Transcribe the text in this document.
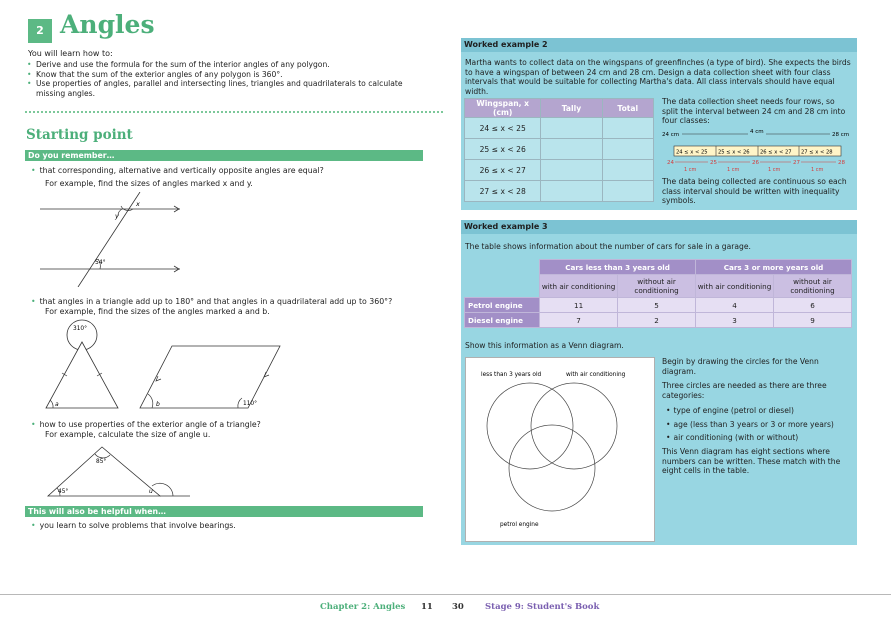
2 Angles
You will learn how to:
• Derive and use the formula for the sum of the interior angles of any polygon.
• Know that the sum of the exterior angles of any polygon is 360°.
• Use properties of angles, parallel and intersecting lines, triangles and quadrilaterals to calculate missing angles.
Starting point
Do you remember…
• that corresponding, alternative and vertically opposite angles are equal?
For example, find the sizes of angles marked x and y.
x
y
54°
• that angles in a triangle add up to 180° and that angles in a quadrilateral add up to 360°?
For example, find the sizes of the angles marked a and b.
310°
a	b	110°
• how to use properties of the exterior angle of a triangle?
For example, calculate the size of angle u.
85°
45°	u
This will also be helpful when…
• you learn to solve problems that involve bearings.
Worked example 2
Martha wants to collect data on the wingspans of greenfinches (a type of bird). She expects the birds to have a wingspan of between 24 cm and 28 cm. Design a data collection sheet with four class intervals that would be suitable for collecting Martha's data. All class intervals should have equal width.
Wingspan, x (cm)	Tally	Total
24 ≤ x < 25		
25 ≤ x < 26		
26 ≤ x < 27		
27 ≤ x < 28		
The data collection sheet needs four rows, so split the interval between 24 cm and 28 cm into four classes:
24 cm	4 cm	28 cm
24 ≤ x < 25 25 ≤ x < 26 26 ≤ x < 27 27 ≤ x < 28
24	25	26	27	28
1 cm	1 cm	1 cm	1 cm
The data being collected are continuous so each class interval should be written with inequality symbols.
Worked example 3
The table shows information about the number of cars for sale in a garage.
	Cars less than 3 years old		Cars 3 or more years old	
	with air conditioning	without air conditioning	with air conditioning	without air conditioning
Petrol engine	11	5	4	6
Diesel engine	7	2	3	9
Show this information as a Venn diagram.
less than 3 years old	with air conditioning
petrol engine
Begin by drawing the circles for the Venn diagram.
Three circles are needed as there are three categories:
• type of engine (petrol or diesel)
• age (less than 3 years or 3 or more years)
• air conditioning (with or without)
This Venn diagram has eight sections where numbers can be written. These match with the eight cells in the table.
Chapter 2: Angles 11 30 Stage 9: Student's Book
